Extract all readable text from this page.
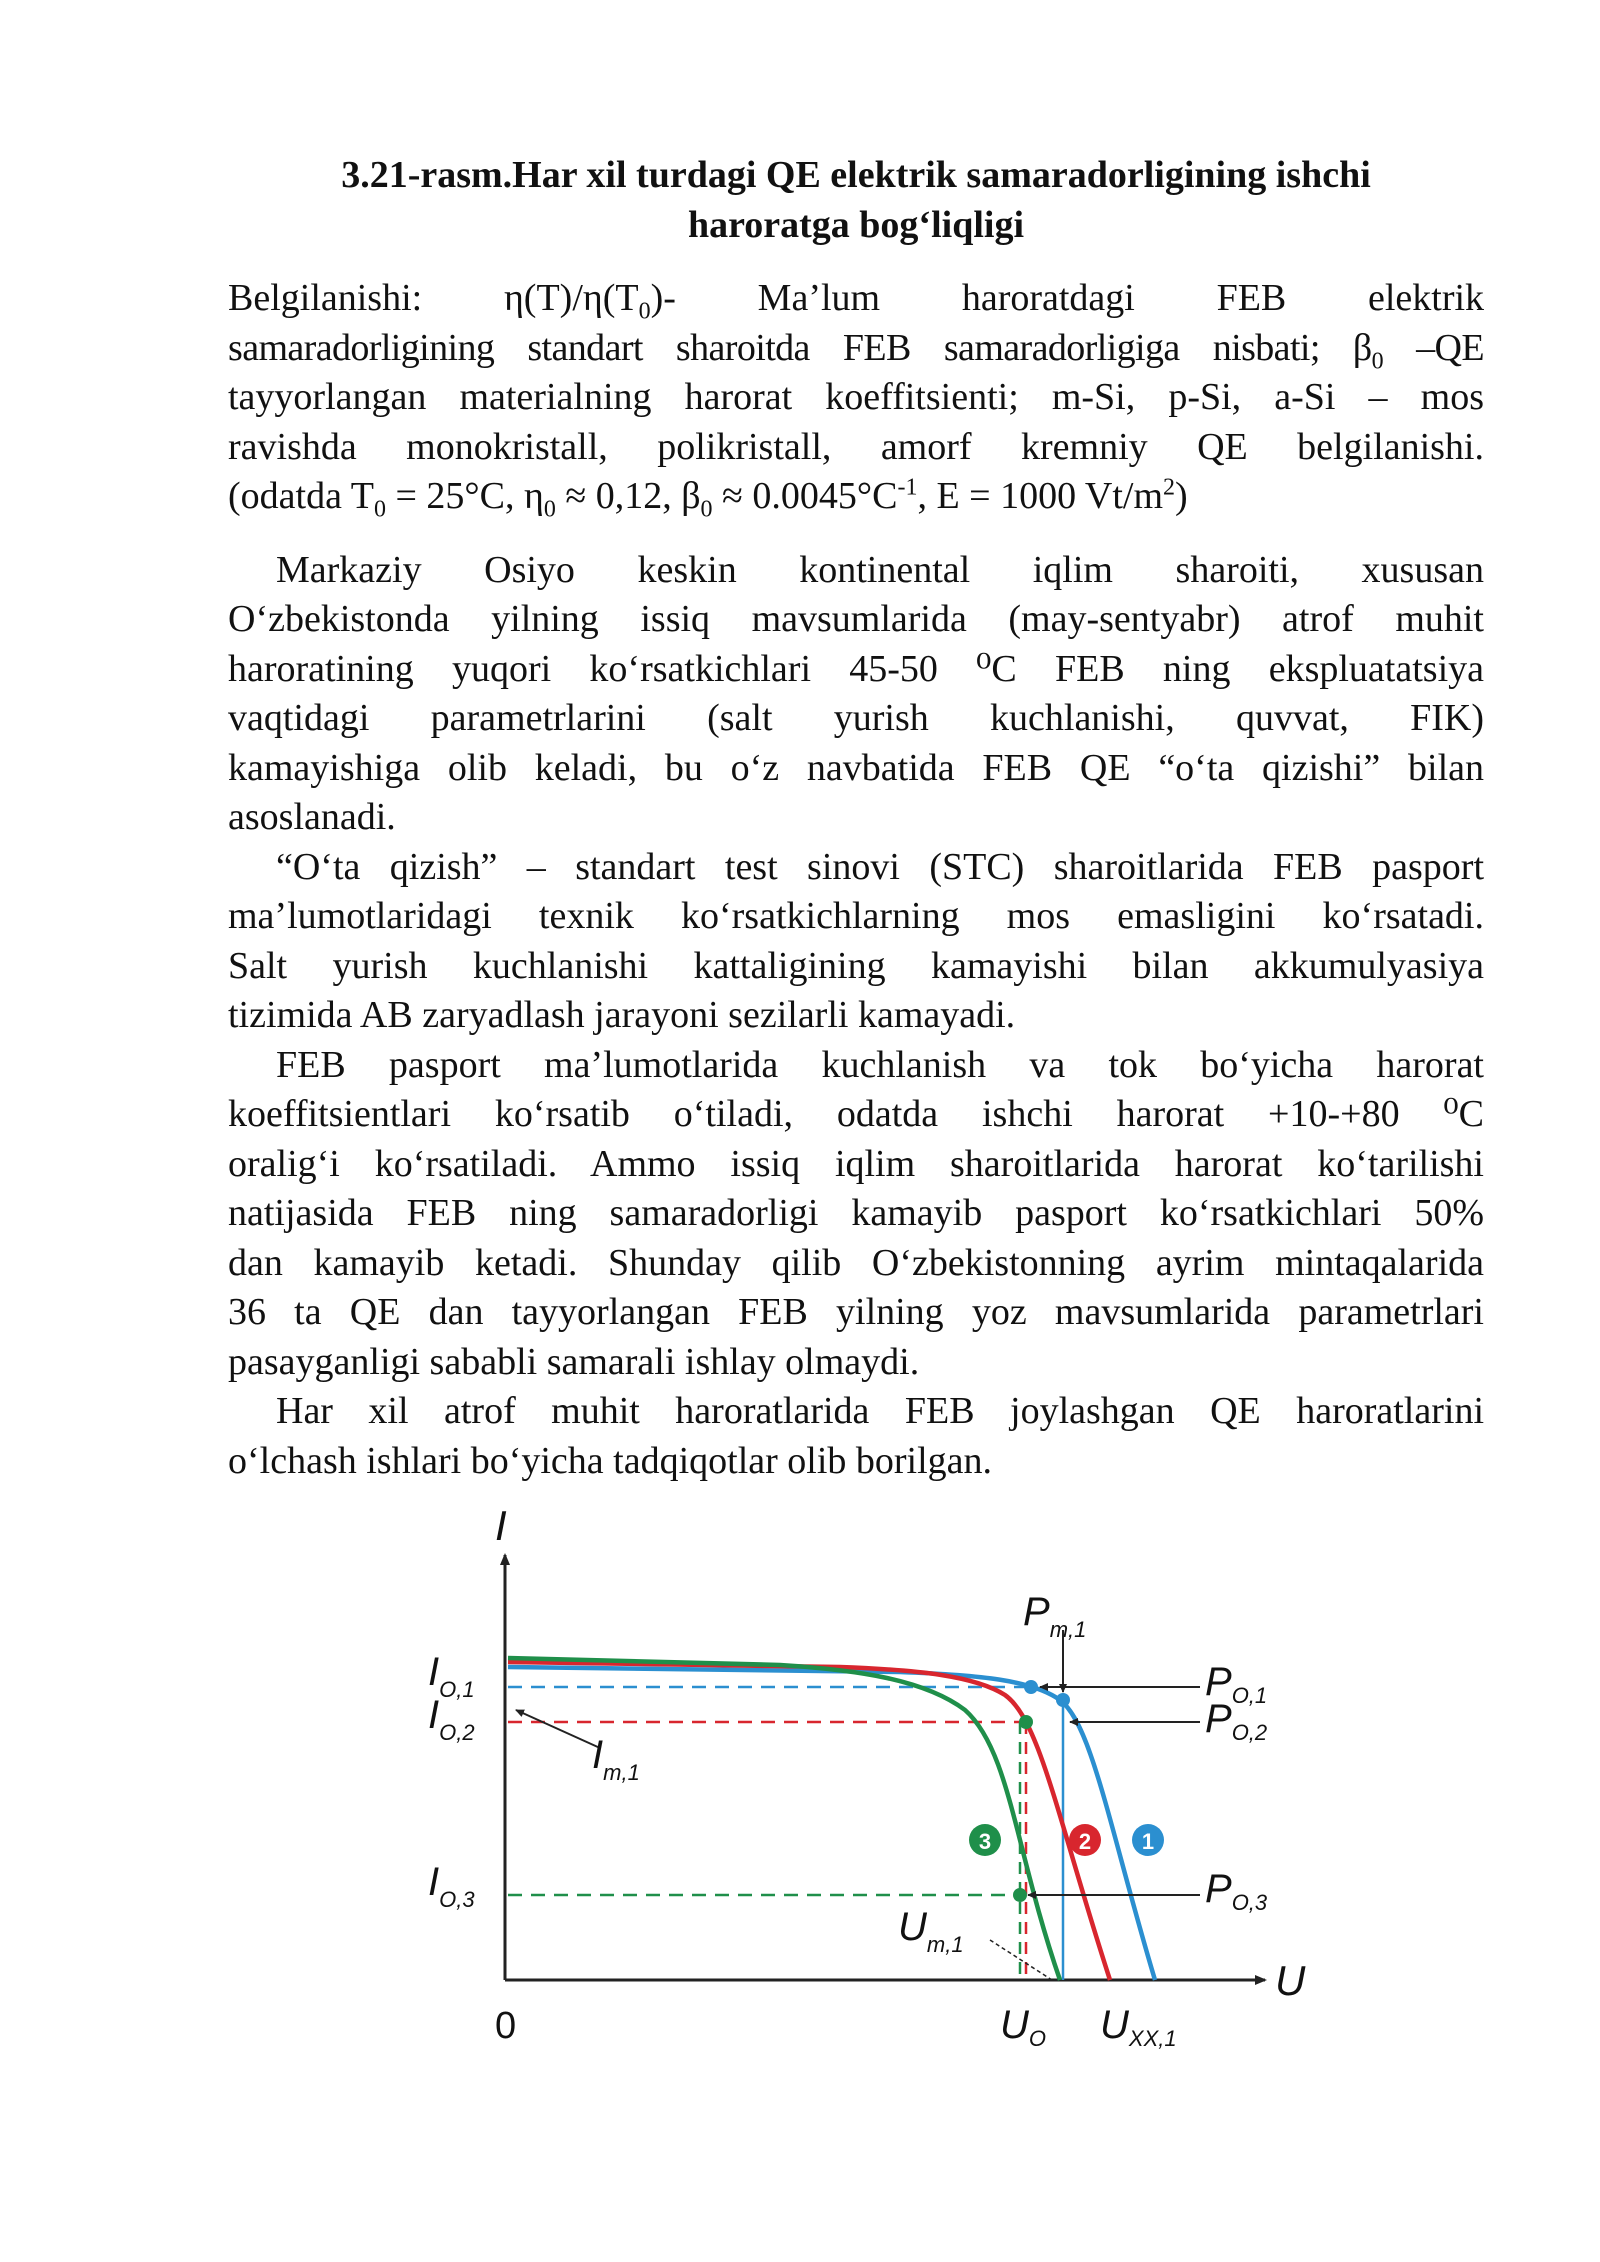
3.21-rasm.Har xil turdagi QE elektrik samaradorligining ishchi
haroratga bog‘liqligi
Belgilanishi: $\eta(T)/\eta(T_0)-$ Ma’lum haroratdagi FEB elektrik
samaradorligining standart sharoitda FEB samaradorligiga nisbati; $\beta_0$ –QE
tayyorlangan materialning harorat koeffitsienti; m-Si, p-Si, a-Si – mos
ravishda monokristall, polikristall, amorf kremniy QE belgilanishi.
(odatda $T_0 = 25^\circ C$, $\eta_0 \approx 0,12$, $\beta_0 \approx 0.0045^\circ C^{-1}$, E = 1000 $Vt/m^2$)
Markaziy Osiyo keskin kontinental iqlim sharoiti, xususan
O‘zbekistonda yilning issiq mavsumlarida (may-sentyabr) atrof muhit
haroratining yuqori ko‘rsatkichlari 45-50 ⁰C FEB ning ekspluatatsiya
vaqtidagi parametrlarini (salt yurish kuchlanishi, quvvat, FIK)
kamayishiga olib keladi, bu o‘z navbatida FEB QE “o‘ta qizishi” bilan
asoslanadi.
“O‘ta qizish” – standart test sinovi (STC) sharoitlarida FEB pasport
ma’lumotlaridagi texnik ko‘rsatkichlarning mos emasligini ko‘rsatadi.
Salt yurish kuchlanishi kattaligining kamayishi bilan akkumulyasiya
tizimida AB zaryadlash jarayoni sezilarli kamayadi.
FEB pasport ma’lumotlarida kuchlanish va tok bo‘yicha harorat
koeffitsientlari ko‘rsatib o‘tiladi, odatda ishchi harorat +10-+80 ⁰C
oralig‘i ko‘rsatiladi. Ammo issiq iqlim sharoitlarida harorat ko‘tarilishi
natijasida FEB ning samaradorligi kamayib pasport ko‘rsatkichlari 50%
dan kamayib ketadi. Shunday qilib O‘zbekistonning ayrim mintaqalarida
36 ta QE dan tayyorlangan FEB yilning yoz mavsumlarida parametrlari
pasayganligi sababli samarali ishlay olmaydi.
Har xil atrof muhit haroratlarida FEB joylashgan QE haroratlarini
o‘lchash ishlari bo‘yicha tadqiqotlar olib borilgan.
3	2 1
I
U
0
$I_{O,1}$
$I_{O,2}$
$I_{O,3}$
$I_{m,1}$
$P_{m,1}$
$P_{O,1}$
$P_{O,2}$
$P_{O,3}$
$U_{m,1}$
$U_O$ $U_{XX,1}$
